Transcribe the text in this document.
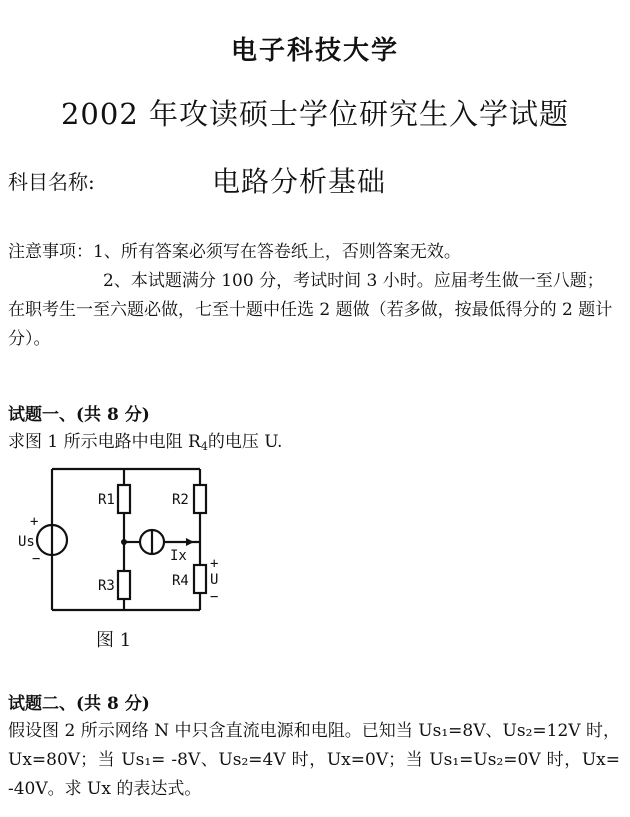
电子科技大学
2002 年攻读硕士学位研究生入学试题
科目名称:	电路分析基础

注意事项：1、所有答案必须写在答卷纸上，否则答案无效。

2、本试题满分 100 分，考试时间 3 小时。应届考生做一至八题；在职考生一至六题必做，七至十题中任选 2 题做（若多做，按最低得分的 2 题计分）。

试题一、(共 8 分)
求图 1 所示电路中电阻 $R_4$的电压 U.
+
Us
−
R1
R3
R2
R4
Ix +
U
−
图 1
试题二、(共 8 分)

假设图 2 所示网络 N 中只含直流电源和电阻。已知当 Us₁=8V、Us₂=12V 时，Ux=80V；当 Us₁= -8V、Us₂=4V 时，Ux=0V；当 Us₁=Us₂=0V 时，Ux= -40V。求 Ux 的表达式。
